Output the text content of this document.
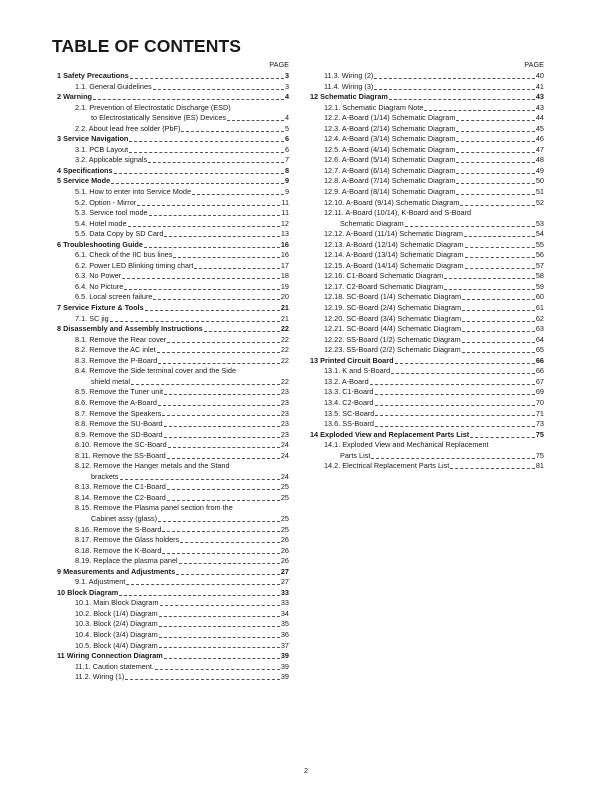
TABLE OF CONTENTS
PAGE
1 Safety Precautions	3
1.1. General Guidelines	3
2 Warning	4
2.1. Prevention of Electrostatic Discharge (ESD)
to Electrostatically Sensitive (ES) Devices	4
2.2. About lead free solder (PbF)	5
3 Service Navigation	6
3.1. PCB Layout	6
3.2. Applicable signals	7
4 Specifications	8
5 Service Mode	9
5.1. How to enter into Service Mode	9
5.2. Option - Mirror	11
5.3. Service tool mode	11
5.4. Hotel mode	12
5.5. Data Copy by SD Card	13
6 Troubleshooting Guide	16
6.1. Check of the IIC bus lines	16
6.2. Power LED Blinking timing chart	17
6.3. No Power	18
6.4. No Picture	19
6.5. Local screen failure	20
7 Service Fixture & Tools	21
7.1. SC jig	21
8 Disassembly and Assembly Instructions	22
8.1. Remove the Rear cover	22
8.2. Remove the AC inlet	22
8.3. Remove the P-Board	22
8.4. Remove the Side terminal cover and the Side
shield metal	22
8.5. Remove the Tuner unit	23
8.6. Remove the A-Board	23
8.7. Remove the Speakers	23
8.8. Remove the SU-Board	23
8.9. Remove the SD-Board	23
8.10. Remove the SC-Board	24
8.11. Remove the SS-Board	24
8.12. Remove the Hanger metals and the Stand
brackets	24
8.13. Remove the C1-Board	25
8.14. Remove the C2-Board	25
8.15. Remove the Plasma panel section from the
Cabinet assy (glass)	25
8.16. Remove the S-Board	25
8.17. Remove the Glass holders	26
8.18. Remove the K-Board	26
8.19. Replace the plasma panel	26
9 Measurements and Adjustments	27
9.1. Adjustment	27
10 Block Diagram	33
10.1. Main Block Diagram	33
10.2. Block (1/4) Diagram	34
10.3. Block (2/4) Diagram	35
10.4. Block (3/4) Diagram	36
10.5. Block (4/4) Diagram	37
11 Wiring Connection Diagram	39
11.1. Caution statement.	39
11.2. Wiring (1)	39
PAGE
11.3. Wiring (2)	40
11.4. Wiring (3)	41
12 Schematic Diagram	43
12.1. Schematic Diagram Note	43
12.2. A-Board (1/14) Schematic Diagram	44
12.3. A-Board (2/14) Schematic Diagram	45
12.4. A-Board (3/14) Schematic Diagram	46
12.5. A-Board (4/14) Schematic Diagram	47
12.6. A-Board (5/14) Schematic Diagram	48
12.7. A-Board (6/14) Schematic Diagram	49
12.8. A-Board (7/14) Schematic Diagram	50
12.9. A-Board (8/14) Schematic Diagram	51
12.10. A-Board (9/14) Schematic Diagram	52
12.11. A-Board (10/14), K-Board and S-Board
Schematic Diagram	53
12.12. A-Board (11/14) Schematic Diagram	54
12.13. A-Board (12/14) Schematic Diagram	55
12.14. A-Board (13/14) Schematic Diagram	56
12.15. A-Board (14/14) Schematic Diagram	57
12.16. C1-Board Schematic Diagram	58
12.17. C2-Board Schematic Diagram	59
12.18. SC-Board (1/4) Schematic Diagram	60
12.19. SC-Board (2/4) Schematic Diagram	61
12.20. SC-Board (3/4) Schematic Diagram	62
12.21. SC-Board (4/4) Schematic Diagram	63
12.22. SS-Board (1/2) Schematic Diagram	64
12.23. SS-Board (2/2) Schematic Diagram	65
13 Printed Circuit Board	66
13.1. K and S-Board	66
13.2. A-Board	67
13.3. C1-Board	69
13.4. C2-Board	70
13.5. SC-Board	71
13.6. SS-Board	73
14 Exploded View and Replacement Parts List	75
14.1. Exploded View and Mechanical Replacement
Parts List	75
14.2. Electrical Replacement Parts List	81
2
